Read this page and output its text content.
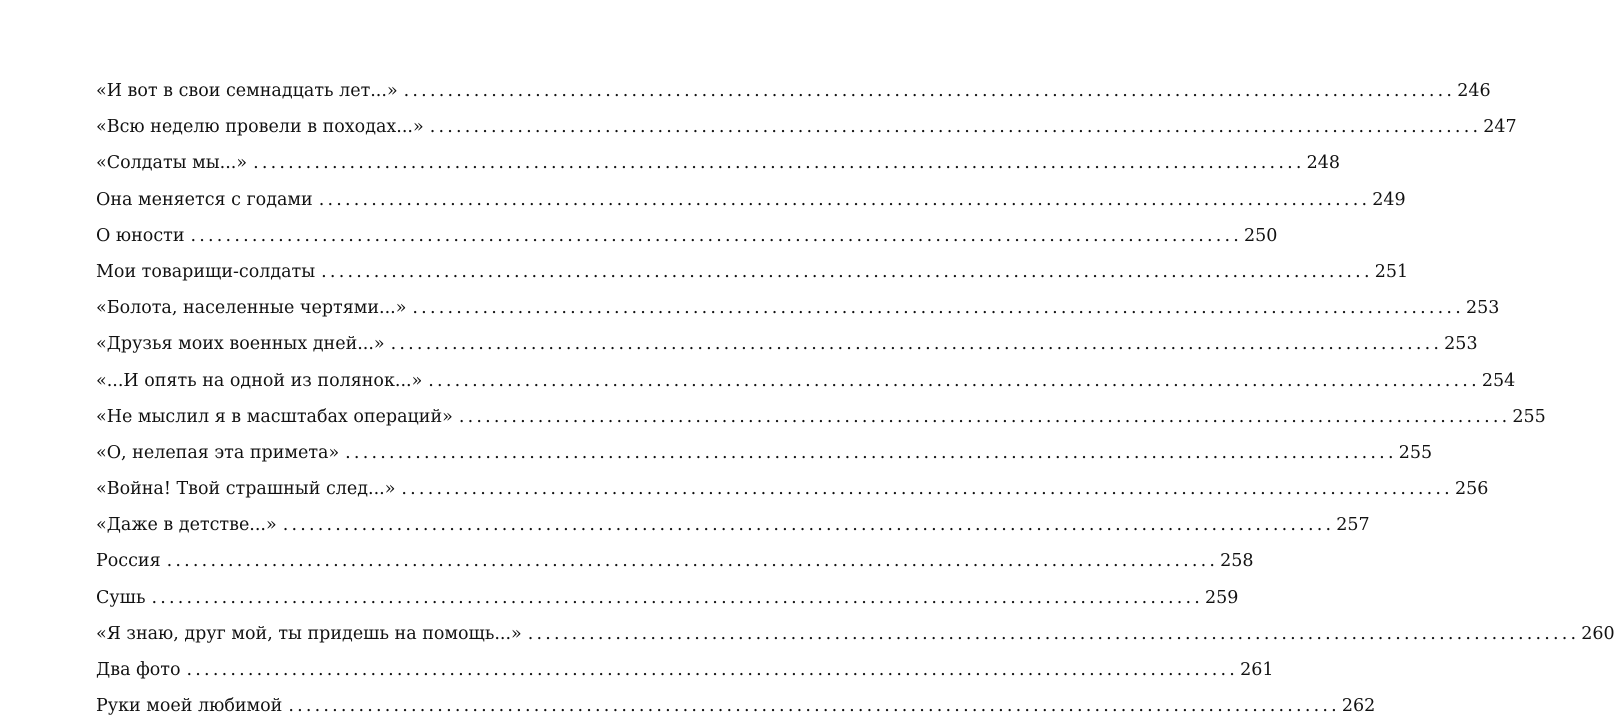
«И вот в свои семнадцать лет...» ........................................................................................................................ 246
«Всю неделю провели в походах...» ........................................................................................................................ 247
«Солдаты мы...» ........................................................................................................................ 248
Она меняется с годами ........................................................................................................................ 249
О юности ........................................................................................................................ 250
Мои товарищи-солдаты ........................................................................................................................ 251
«Болота, населенные чертями...» ........................................................................................................................ 253
«Друзья моих военных дней...» ........................................................................................................................ 253
«...И опять на одной из полянок...» ........................................................................................................................ 254
«Не мыслил я в масштабах операций» ........................................................................................................................ 255
«О, нелепая эта примета» ........................................................................................................................ 255
«Война! Твой страшный след...» ........................................................................................................................ 256
«Даже в детстве...» ........................................................................................................................ 257
Россия ........................................................................................................................ 258
Сушь ........................................................................................................................ 259
«Я знаю, друг мой, ты придешь на помощь...» ........................................................................................................................ 260
Два фото ........................................................................................................................ 261
Руки моей любимой ........................................................................................................................ 262
